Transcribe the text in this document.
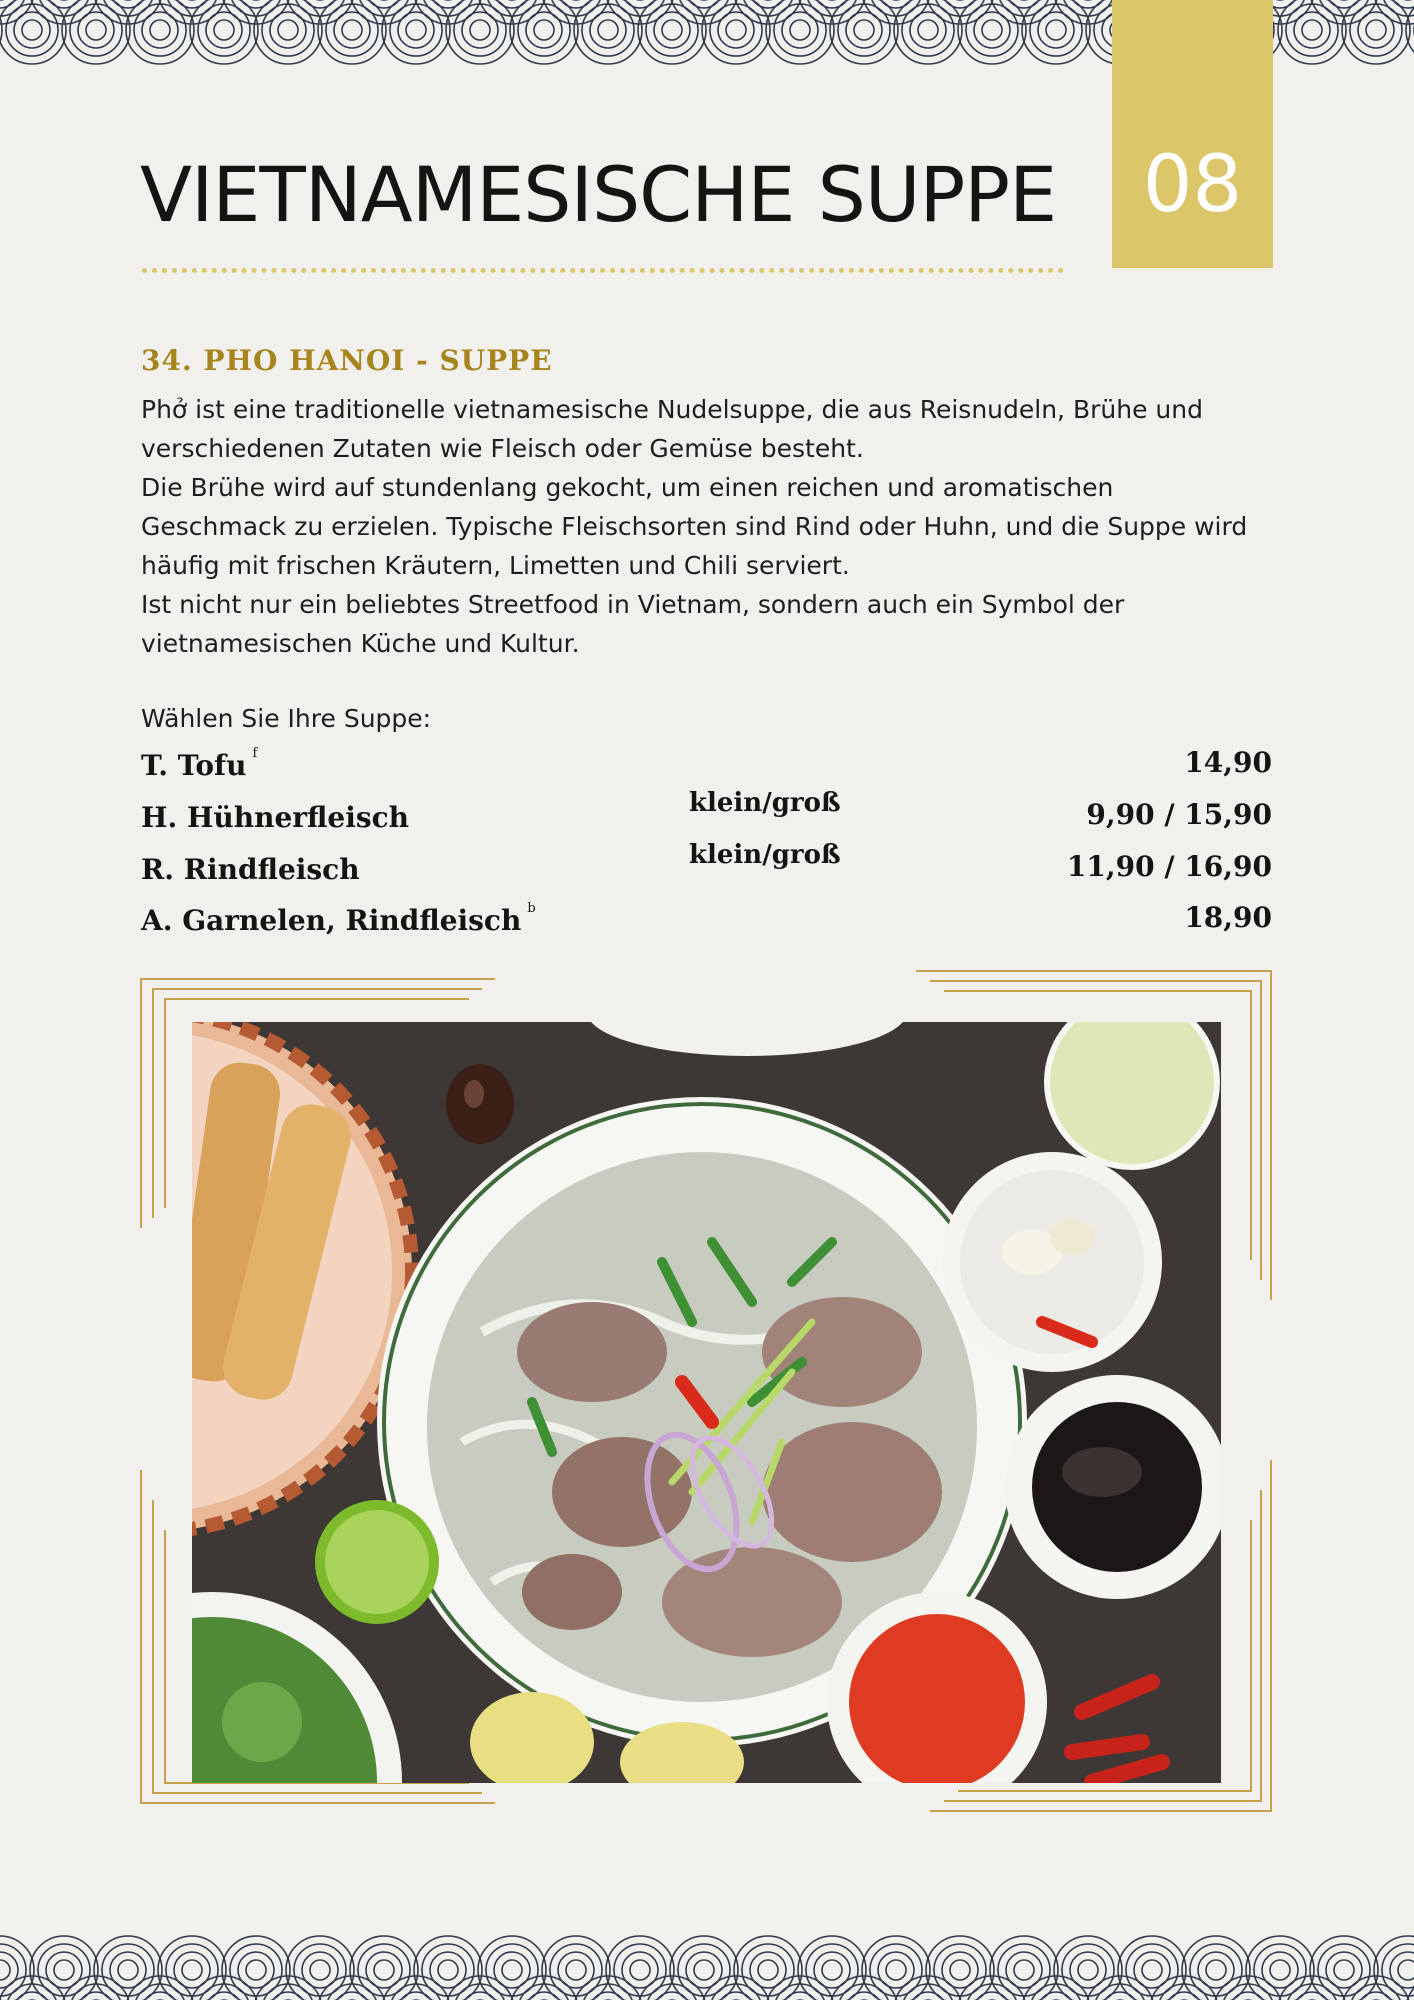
VIETNAMESISCHE SUPPE	08
34. PHO HANOI - SUPPE

Phở ist eine traditionelle vietnamesische Nudelsuppe, die aus Reisnudeln, Brühe und verschiedenen Zutaten wie Fleisch oder Gemüse besteht.

Die Brühe wird auf stundenlang gekocht, um einen reichen und aromatischen Geschmack zu erzielen. Typische Fleischsorten sind Rind oder Huhn, und die Suppe wird häufig mit frischen Kräutern, Limetten und Chili serviert.

Ist nicht nur ein beliebtes Streetfood in Vietnam, sondern auch ein Symbol der vietnamesischen Küche und Kultur.

Wählen Sie Ihre Suppe:
T. Tofu $^f$	14,90
H. Hühnerfleisch	klein/groß	9,90 / 15,90
R. Rindfleisch	klein/groß	11,90 / 16,90
A. Garnelen, Rindfleisch $^b$	18,90
